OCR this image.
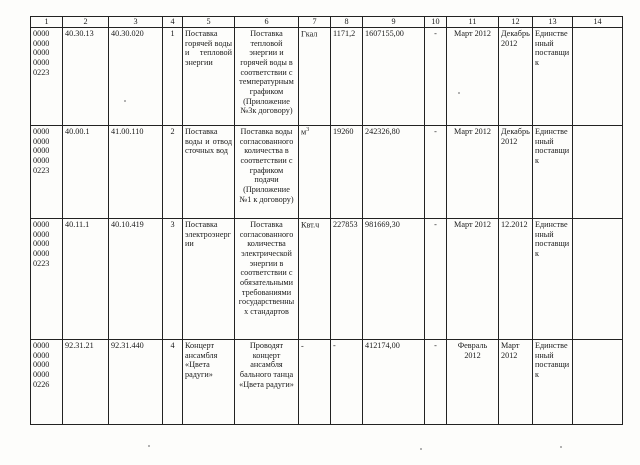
1	2	3	4	5	6	7	8	9	10	11	12	13	14
0000 0000 0000 0000 0223	40.30.13	40.30.020	1	Поставка горячей воды и тепловой энергии	Поставка тепловой энергии и горячей воды в соответствии с температурным графиком (Приложение №3к договору)	Гкал	1171,2	1607155,00	-	Март 2012	Декабрь 2012	Единственный поставщик	
0000 0000 0000 0000 0223	40.00.1	41.00.110	2	Поставка воды и отвод сточных вод	Поставка воды согласованного количества в соответствии с графиком подачи (Приложение №1 к договору)	$м^3$	19260	242326,80	-	Март 2012	Декабрь 2012	Единственный поставщик	
0000 0000 0000 0000 0223	40.11.1	40.10.419	3	Поставка электроэнергии	Поставка согласованного количества электрической энергии в соответствии с обязательными требованиями государственных стандартов	Квт.ч	227853	981669,30	-	Март 2012	12.2012	Единственный поставщик	
0000 0000 0000 0000 0226	92.31.21	92.31.440	4	Концерт ансамбля «Цвета радуги»	Проводят концерт ансамбля бального танца «Цвета радуги»	-	-	412174,00	-	Февраль 2012	Март 2012	Единственный поставщик	
